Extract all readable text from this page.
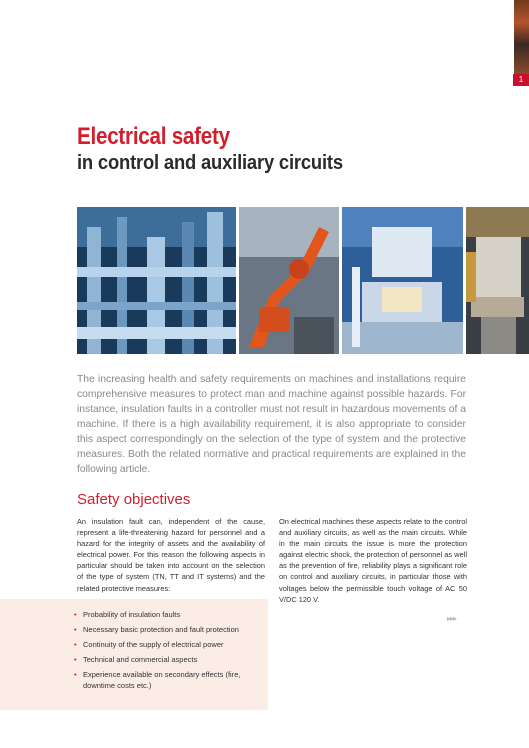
1
Electrical safety
in control and auxiliary circuits
The increasing health and safety requirements on machines and installations require comprehensive measures to protect man and machine against possible hazards. For instance, insulation faults in a controller must not result in hazardous movements of a machine. If there is a high availability requirement, it is also appropriate to consider this aspect correspondingly on the selection of the type of system and the protective measures. Both the related normative and practical requirements are explained in the following article.
Safety objectives
An insulation fault can, independent of the cause, represent a life-threatening hazard for personnel and a hazard for the integrity of assets and the availability of electrical power. For this reason the following aspects in particular should be taken into account on the selection of the type of system (TN, TT and IT systems) and the related protective measures:
On electrical machines these aspects relate to the control and auxiliary circuits, as well as the main circuits. While in the main circuits the issue is more the protection against electric shock, the protection of personnel as well as the prevention of fire, reliability plays a significant role on control and auxiliary circuits, in particular those with voltages below the permissible touch voltage of AC 50 V/DC 120 V.
• Probability of insulation faults
• Necessary basic protection and fault protection
• Continuity of the supply of electrical power
• Technical and commercial aspects
• Experience available on secondary effects (fire, downtime costs etc.)
▸▸▸
